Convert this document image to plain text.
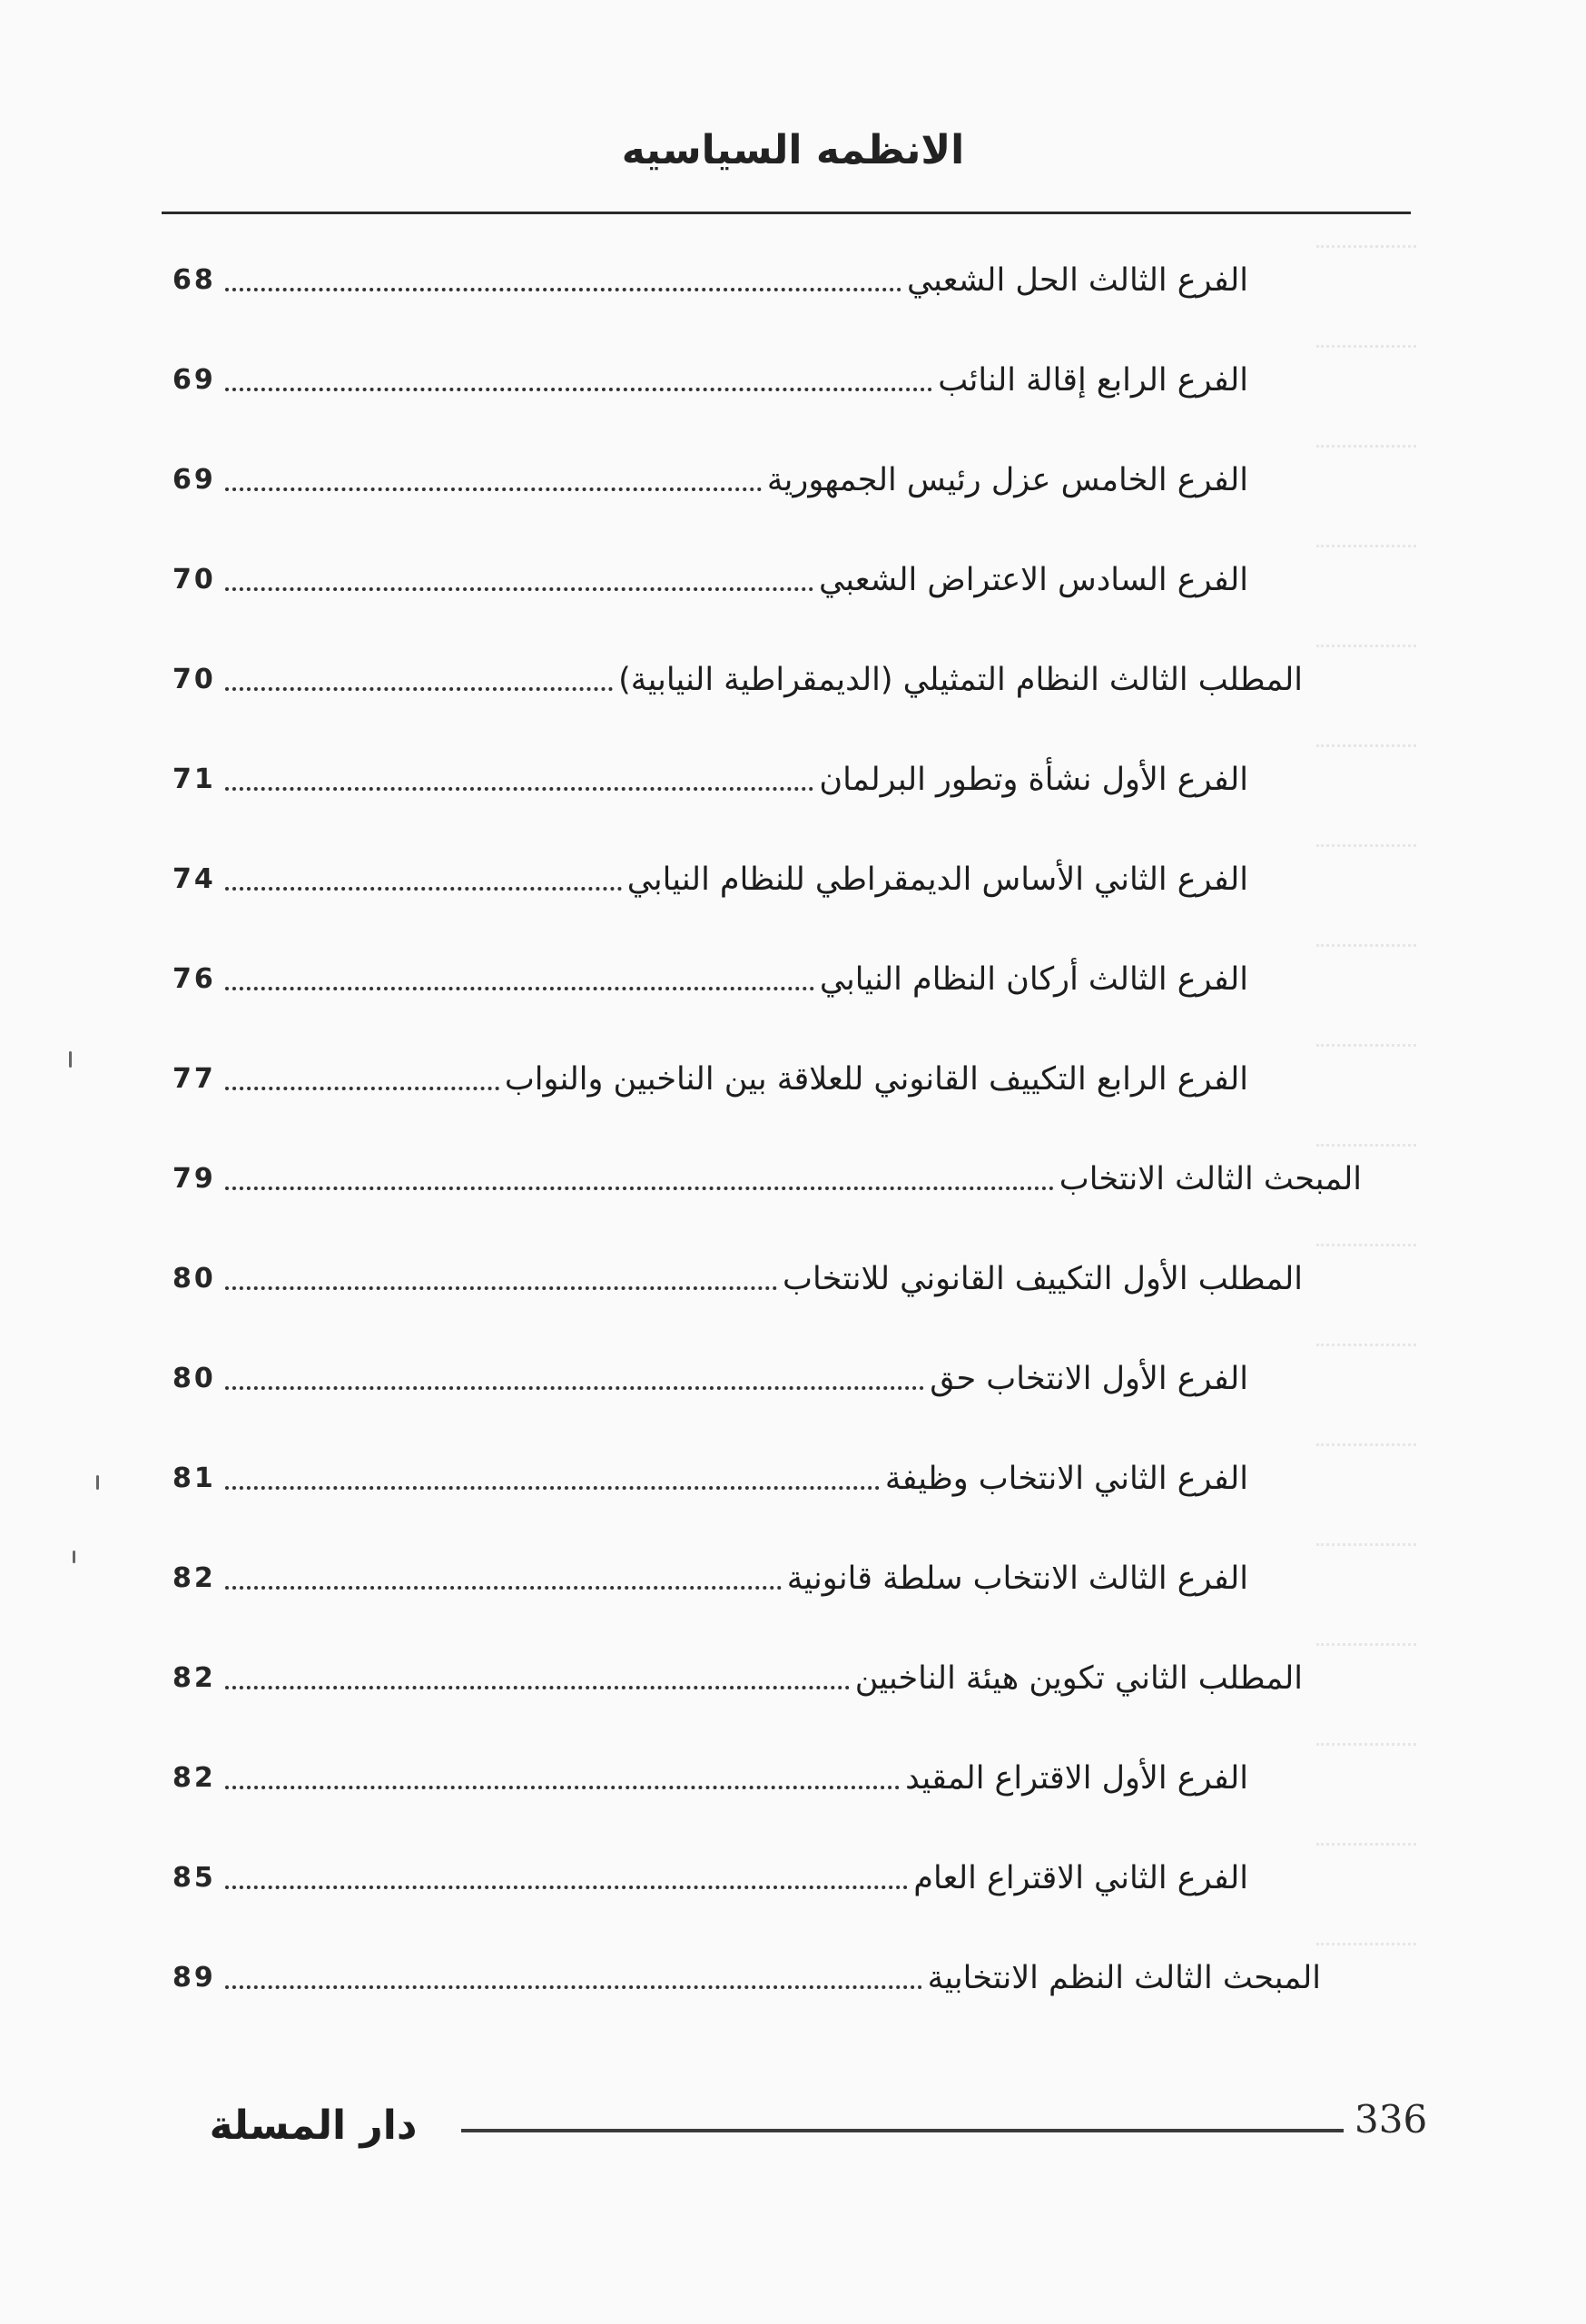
الانظمه السياسيه
الفرع الثالث الحل الشعبي
68
الفرع الرابع إقالة النائب
69
الفرع الخامس عزل رئيس الجمهورية
69
الفرع السادس الاعتراض الشعبي
70
المطلب الثالث النظام التمثيلي (الديمقراطية النيابية)
70
الفرع الأول نشأة وتطور البرلمان
71
الفرع الثاني الأساس الديمقراطي للنظام النيابي
74
الفرع الثالث أركان النظام النيابي
76
الفرع الرابع التكييف القانوني للعلاقة بين الناخبين والنواب
77
المبحث الثالث الانتخاب
79
المطلب الأول التكييف القانوني للانتخاب
80
الفرع الأول الانتخاب حق
80
الفرع الثاني الانتخاب وظيفة
81
الفرع الثالث الانتخاب سلطة قانونية
82
المطلب الثاني تكوين هيئة الناخبين
82
الفرع الأول الاقتراع المقيد
82
الفرع الثاني الاقتراع العام
85
المبحث الثالث النظم الانتخابية
89
336
دار المسلة
